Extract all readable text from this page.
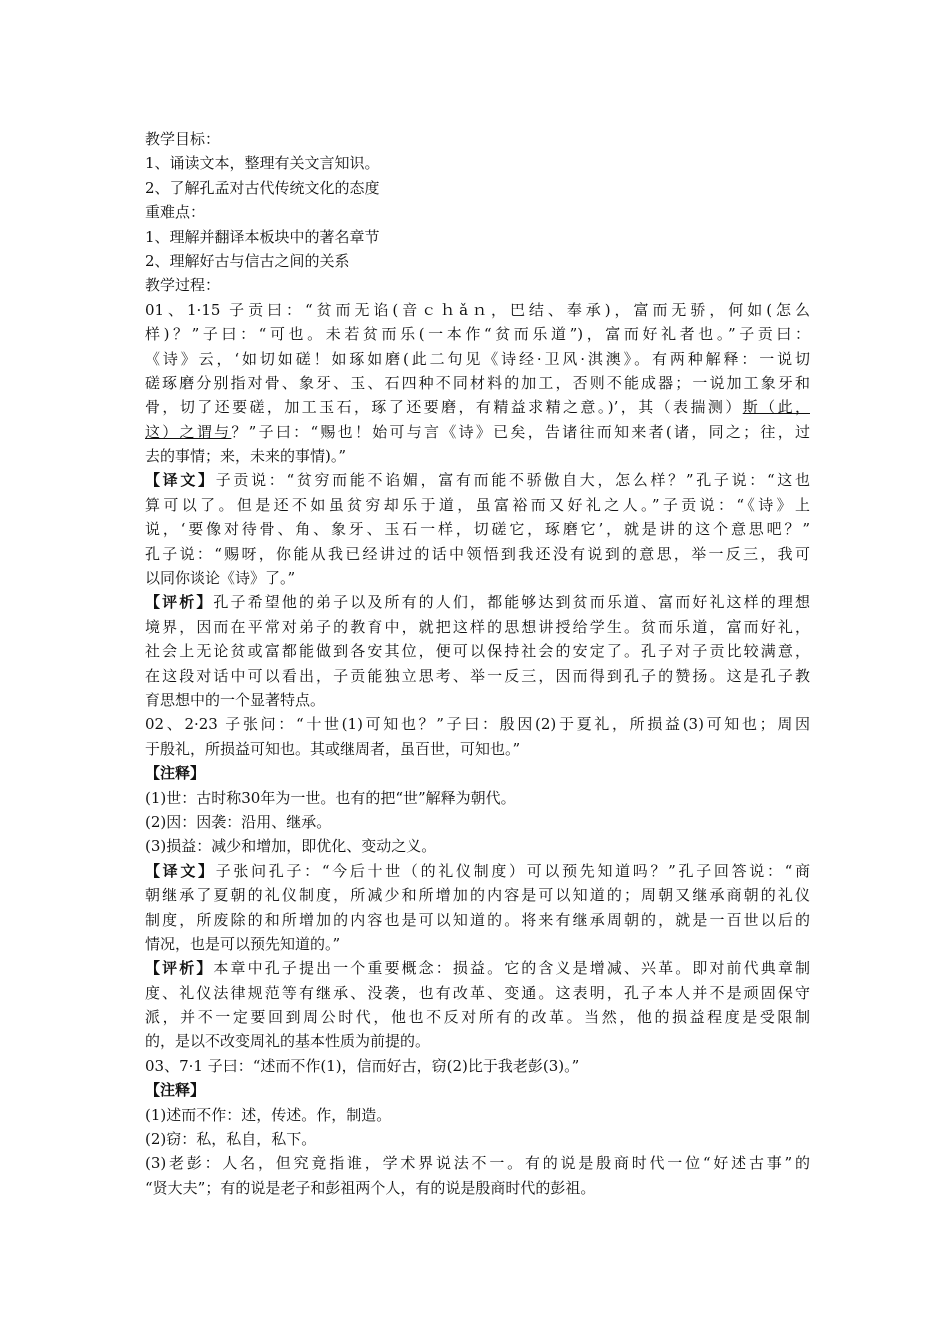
教学目标：
1、诵读文本，整理有关文言知识。
2、了解孔孟对古代传统文化的态度
重难点：
1、理解并翻译本板块中的著名章节
2、理解好古与信古之间的关系
教学过程：
01、1·15 子贡曰：“贫而无谄(音ｃｈǎｎ，巴结、奉承)，富而无骄，何如(怎么
样)？”子曰：“可也。未若贫而乐(一本作“贫而乐道”)，富而好礼者也。”子贡曰：
《诗》云，‘如切如磋！如琢如磨(此二句见《诗经·卫风·淇澳》。有两种解释：一说切
磋琢磨分别指对骨、象牙、玉、石四种不同材料的加工，否则不能成器；一说加工象牙和
骨，切了还要磋，加工玉石，琢了还要磨，有精益求精之意。)’，其（表揣测）斯（此，
这）之谓与？”子曰：“赐也！始可与言《诗》已矣，告诸往而知来者(诸，同之；往，过
去的事情；来，未来的事情)。”
【译文】子贡说：“贫穷而能不谄媚，富有而能不骄傲自大，怎么样？”孔子说：“这也
算可以了。但是还不如虽贫穷却乐于道，虽富裕而又好礼之人。”子贡说：“《诗》上
说，‘要像对待骨、角、象牙、玉石一样，切磋它，琢磨它’，就是讲的这个意思吧？”
孔子说：“赐呀，你能从我已经讲过的话中领悟到我还没有说到的意思，举一反三，我可
以同你谈论《诗》了。”
【评析】孔子希望他的弟子以及所有的人们，都能够达到贫而乐道、富而好礼这样的理想
境界，因而在平常对弟子的教育中，就把这样的思想讲授给学生。贫而乐道，富而好礼，
社会上无论贫或富都能做到各安其位，便可以保持社会的安定了。孔子对子贡比较满意，
在这段对话中可以看出，子贡能独立思考、举一反三，因而得到孔子的赞扬。这是孔子教
育思想中的一个显著特点。
02、2·23 子张问：“十世(1)可知也？”子曰：殷因(2)于夏礼，所损益(3)可知也；周因
于殷礼，所损益可知也。其或继周者，虽百世，可知也。”
【注释】
(1)世：古时称30年为一世。也有的把“世”解释为朝代。
(2)因：因袭：沿用、继承。
(3)损益：减少和增加，即优化、变动之义。
【译文】子张问孔子：“今后十世（的礼仪制度）可以预先知道吗？”孔子回答说：“商
朝继承了夏朝的礼仪制度，所减少和所增加的内容是可以知道的；周朝又继承商朝的礼仪
制度，所废除的和所增加的内容也是可以知道的。将来有继承周朝的，就是一百世以后的
情况，也是可以预先知道的。”
【评析】本章中孔子提出一个重要概念：损益。它的含义是增减、兴革。即对前代典章制
度、礼仪法律规范等有继承、没袭，也有改革、变通。这表明，孔子本人并不是顽固保守
派，并不一定要回到周公时代，他也不反对所有的改革。当然，他的损益程度是受限制
的，是以不改变周礼的基本性质为前提的。
03、7·1 子曰：“述而不作(1)，信而好古，窃(2)比于我老彭(3)。”
【注释】
(1)述而不作：述，传述。作，制造。
(2)窃：私，私自，私下。
(3)老彭：人名，但究竟指谁，学术界说法不一。有的说是殷商时代一位“好述古事”的
“贤大夫”；有的说是老子和彭祖两个人，有的说是殷商时代的彭祖。
